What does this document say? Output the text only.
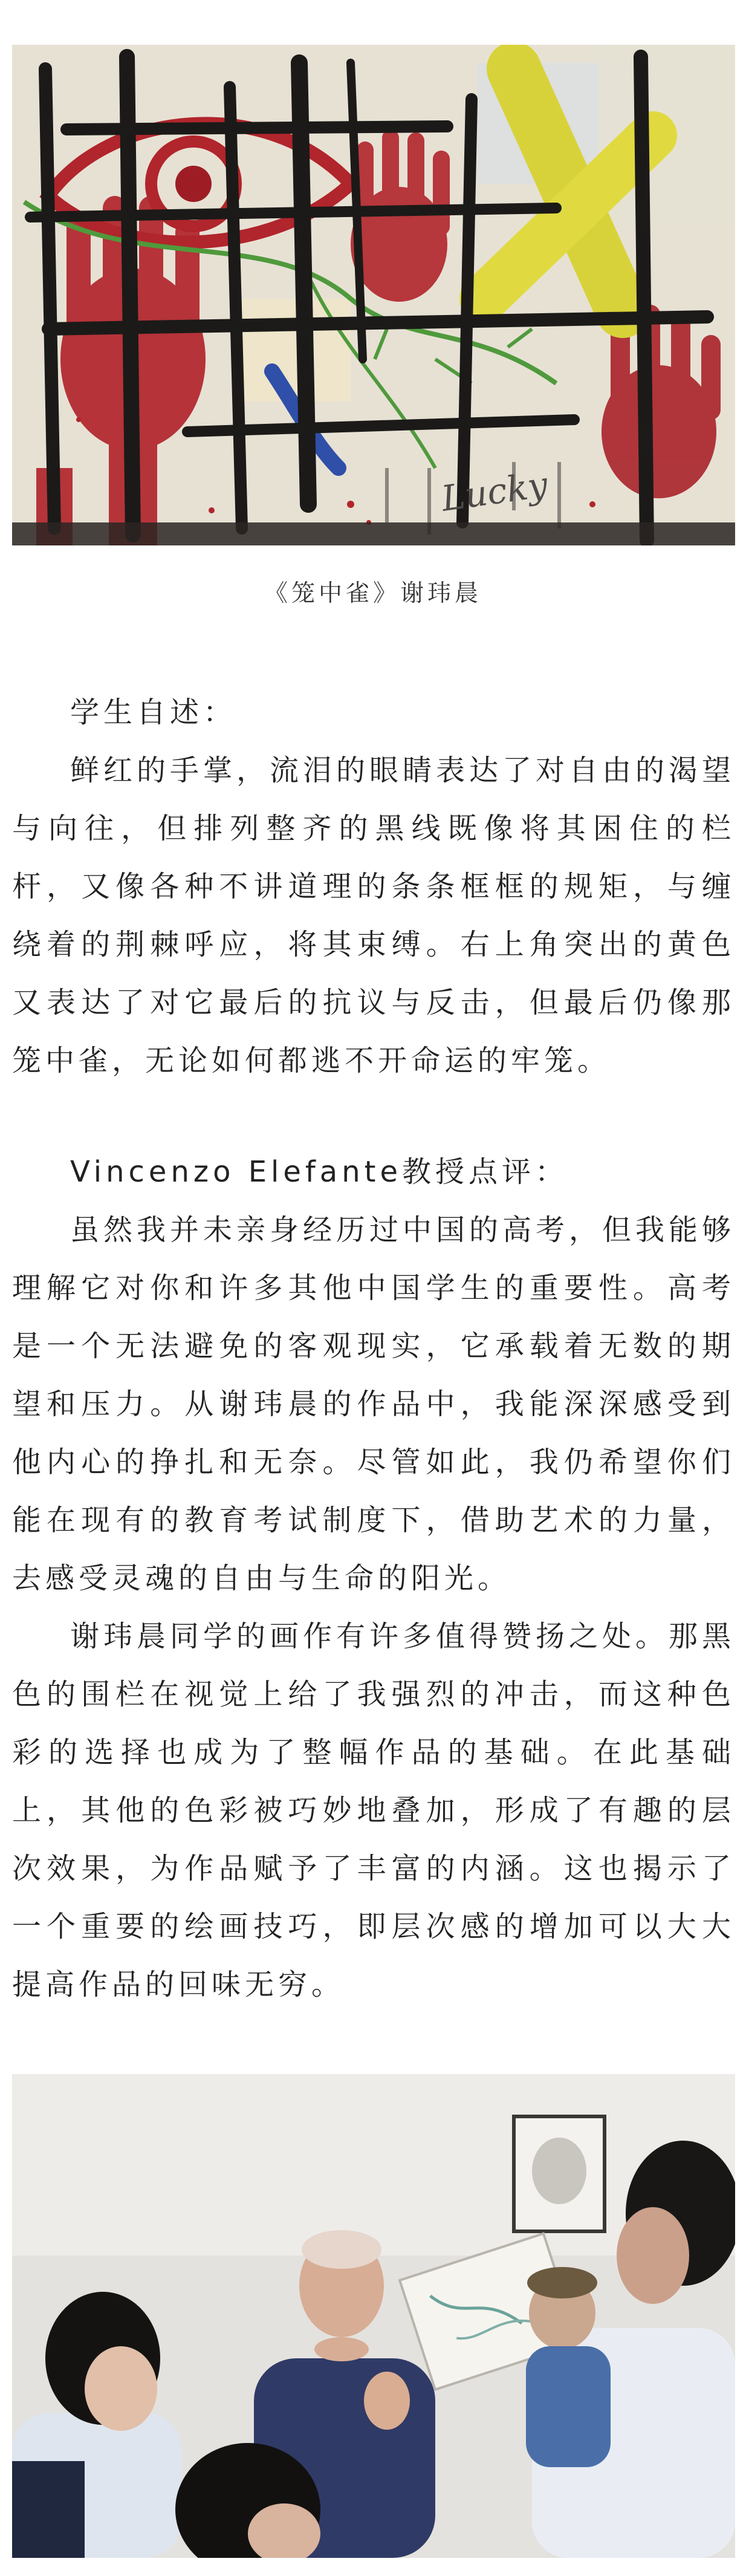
Lucky
《笼中雀》谢玮晨
学生自述：

鲜红的手掌，流泪的眼睛表达了对自由的渴望与向往，但排列整齐的黑线既像将其困住的栏杆，又像各种不讲道理的条条框框的规矩，与缠绕着的荆棘呼应，将其束缚。右上角突出的黄色又表达了对它最后的抗议与反击，但最后仍像那笼中雀，无论如何都逃不开命运的牢笼。

Vincenzo Elefante教授点评：

虽然我并未亲身经历过中国的高考，但我能够理解它对你和许多其他中国学生的重要性。高考是一个无法避免的客观现实，它承载着无数的期望和压力。从谢玮晨的作品中，我能深深感受到他内心的挣扎和无奈。尽管如此，我仍希望你们能在现有的教育考试制度下，借助艺术的力量，去感受灵魂的自由与生命的阳光。

谢玮晨同学的画作有许多值得赞扬之处。那黑色的围栏在视觉上给了我强烈的冲击，而这种色彩的选择也成为了整幅作品的基础。在此基础上，其他的色彩被巧妙地叠加，形成了有趣的层次效果，为作品赋予了丰富的内涵。这也揭示了一个重要的绘画技巧，即层次感的增加可以大大提高作品的回味无穷。
